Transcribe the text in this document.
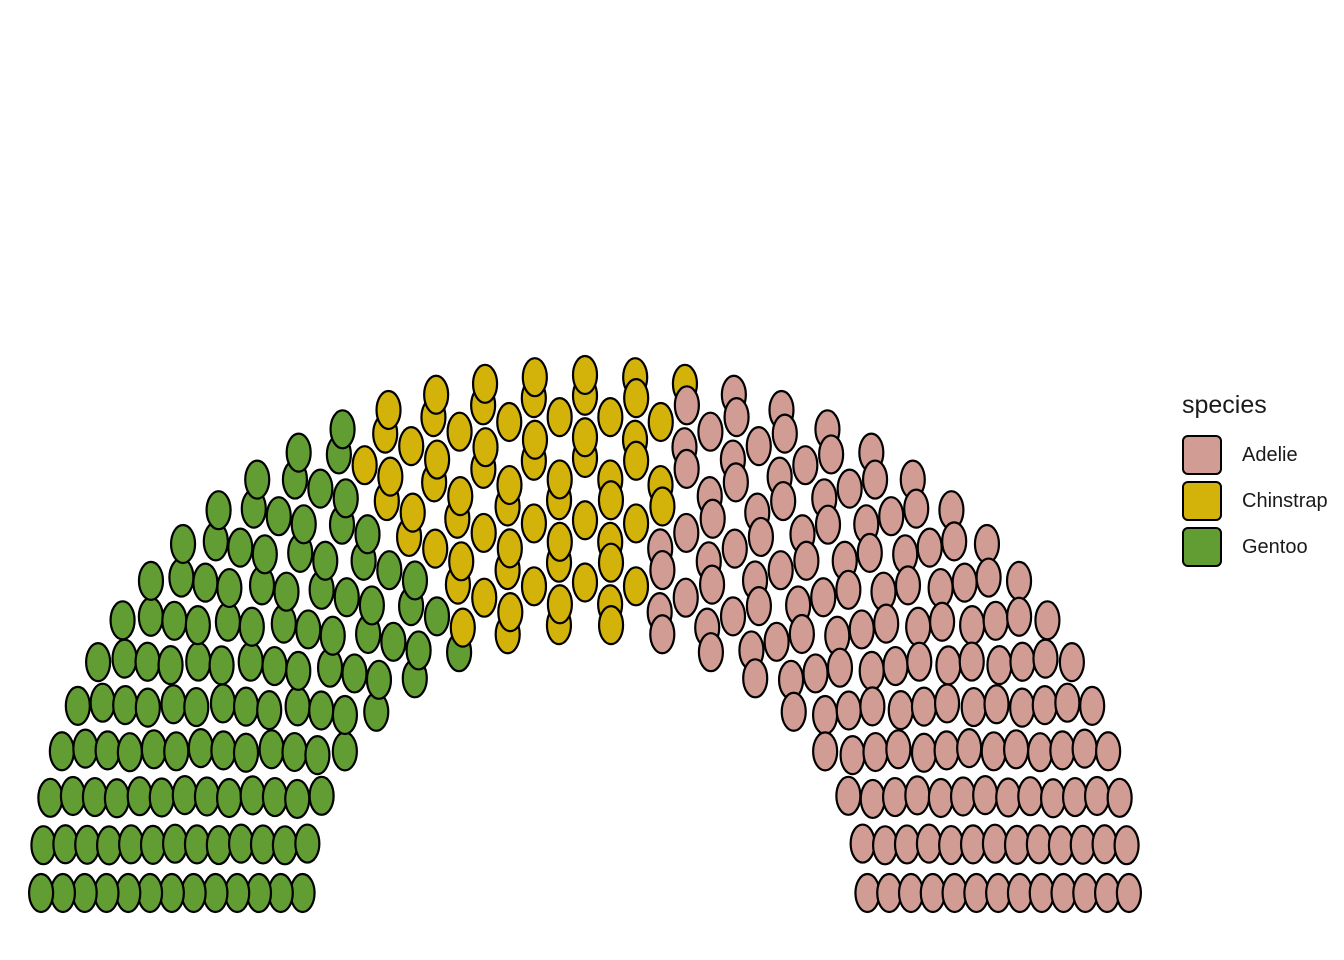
species
Adelie
Chinstrap
Gentoo
